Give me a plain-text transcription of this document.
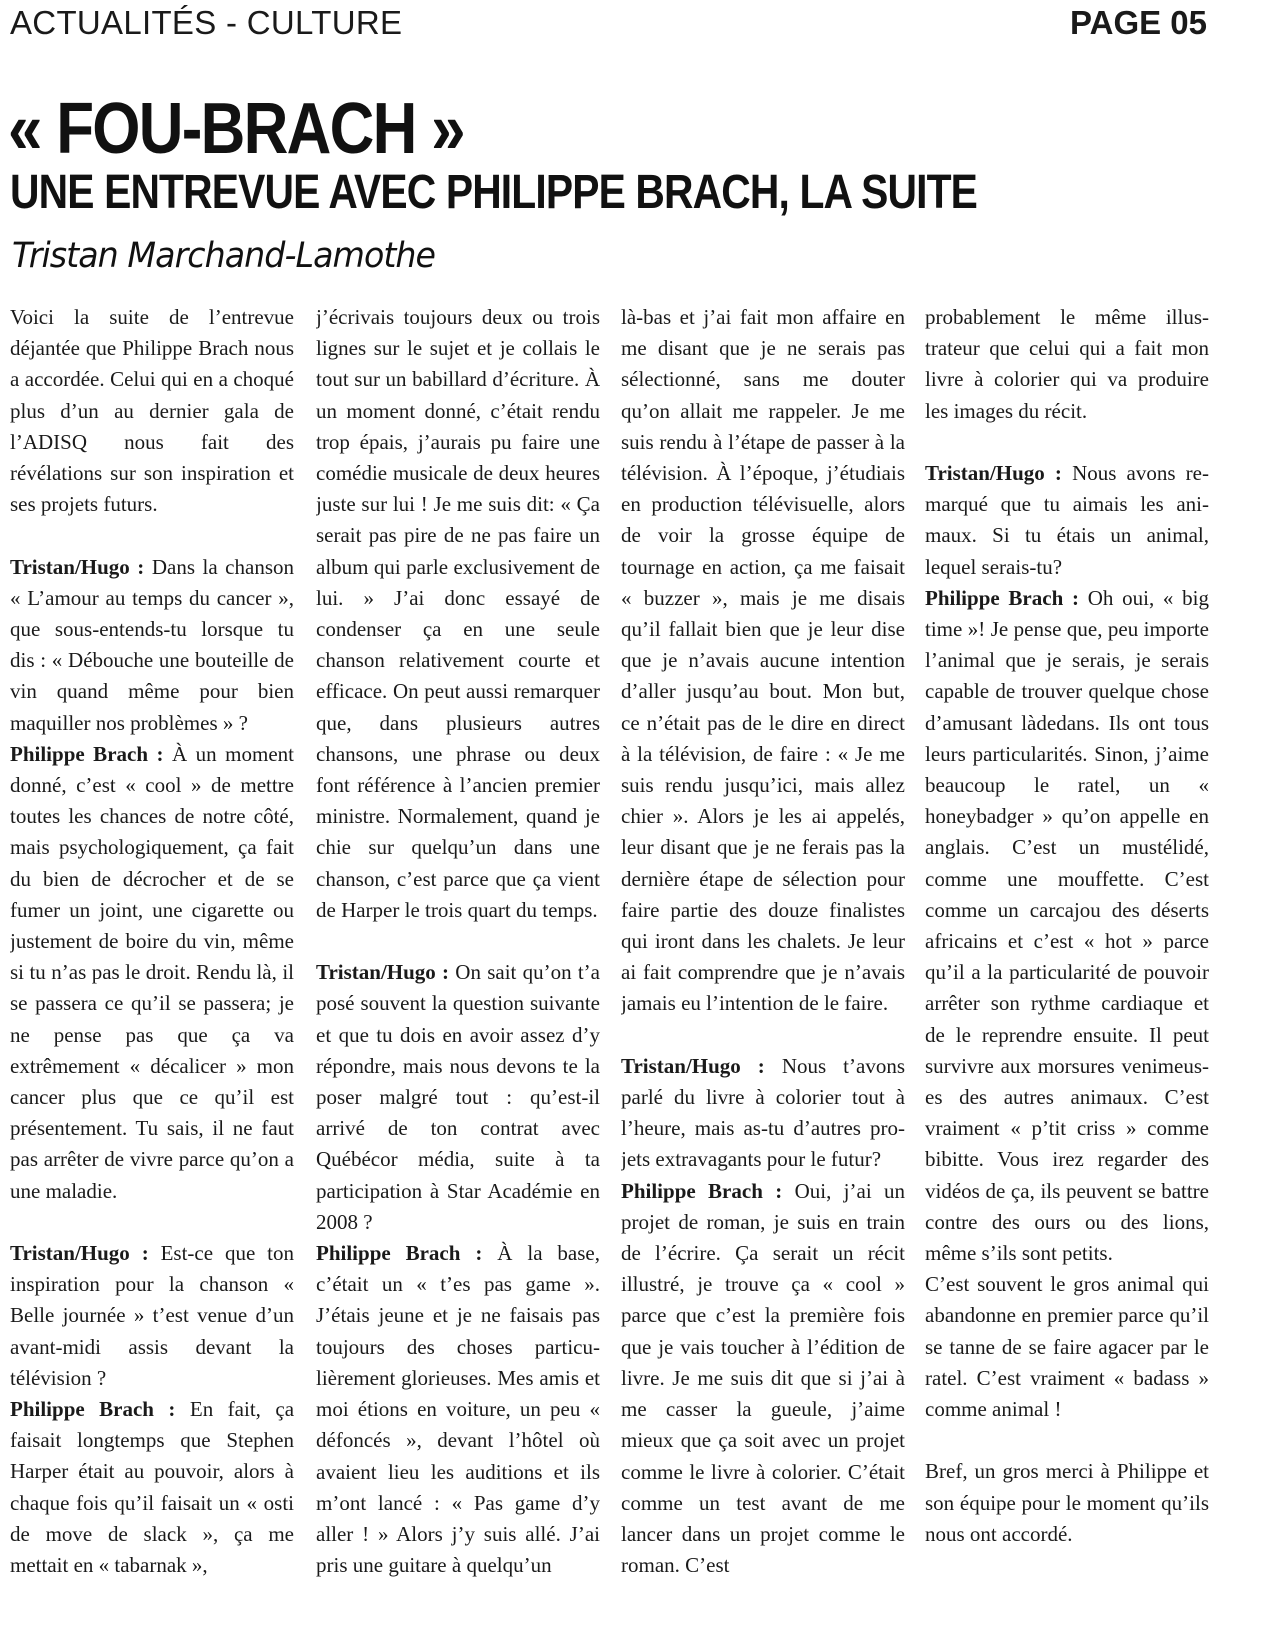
ACTUALITÉS - CULTURE	PAGE 05
« FOU-BRACH »
UNE ENTREVUE AVEC PHILIPPE BRACH, LA SUITE
Tristan Marchand-Lamothe

Voici la suite de l’entrevue déjantée que Philippe Brach nous a accordée. Celui qui en a choqué plus d’un au dernier gala de l’ADISQ nous fait des révélations sur son inspiration et ses projets futurs.

Tristan/Hugo : Dans la chanson « L’amour au temps du cancer », que sous-entends-tu lorsque tu dis : « Débouche une bouteille de vin quand même pour bien maquiller nos problèmes » ?

Philippe Brach : À un moment donné, c’est « cool » de mettre toutes les chances de notre côté, mais psychologiquement, ça fait du bien de décrocher et de se fumer un joint, une cigarette ou justement de boire du vin, même si tu n’as pas le droit. Rendu là, il se passera ce qu’il se passera; je ne pense pas que ça va extrêmement « décalicer » mon cancer plus que ce qu’il est présentement. Tu sais, il ne faut pas arrêter de vivre parce qu’on a une maladie.

Tristan/Hugo : Est-ce que ton inspiration pour la chanson « Belle journée » t’est venue d’un avant-midi assis devant la télévision ?

Philippe Brach : En fait, ça faisait longtemps que Stephen Harper était au pouvoir, alors à chaque fois qu’il faisait un « osti de move de slack », ça me mettait en « tabarnak »,

j’écrivais toujours deux ou trois lignes sur le sujet et je collais le tout sur un babillard d’écriture. À un moment donné, c’était rendu trop épais, j’aurais pu faire une comédie musicale de deux heures juste sur lui ! Je me suis dit: « Ça serait pas pire de ne pas faire un album qui parle exclusivement de lui. » J’ai donc essayé de condenser ça en une seule chanson relativement courte et efficace. On peut aussi remarquer que, dans plusieurs autres chansons, une phrase ou deux font référence à l’ancien premier ministre. Normalement, quand je chie sur quelqu’un dans une chanson, c’est parce que ça vient de Harper le trois quart du temps.

Tristan/Hugo : On sait qu’on t’a posé souvent la question suivante et que tu dois en avoir assez d’y répondre, mais nous devons te la poser malgré tout : qu’est-il arrivé de ton contrat avec Québécor média, suite à ta participation à Star Académie en 2008 ?

Philippe Brach : À la base, c’était un « t’es pas game ». J’étais jeune et je ne faisais pas toujours des choses particulièrement glorieuses. Mes amis et moi étions en voiture, un peu « défoncés », devant l’hôtel où avaient lieu les auditions et ils m’ont lancé : « Pas game d’y aller ! » Alors j’y suis allé. J’ai pris une guitare à quelqu’un

là-bas et j’ai fait mon affaire en me disant que je ne serais pas sélectionné, sans me douter qu’on allait me rappeler. Je me suis rendu à l’étape de passer à la télévision. À l’époque, j’étudiais en production télévisuelle, alors de voir la grosse équipe de tournage en action, ça me faisait « buzzer », mais je me disais qu’il fallait bien que je leur dise que je n’avais aucune intention d’aller jusqu’au bout. Mon but, ce n’était pas de le dire en direct à la télévision, de faire : « Je me suis rendu jusqu’ici, mais allez chier ». Alors je les ai appelés, leur disant que je ne ferais pas la dernière étape de sélection pour faire partie des douze finalistes qui iront dans les chalets. Je leur ai fait comprendre que je n’avais jamais eu l’intention de le faire.

Tristan/Hugo : Nous t’avons parlé du livre à colorier tout à l’heure, mais as-tu d’autres projets extravagants pour le futur?

Philippe Brach : Oui, j’ai un projet de roman, je suis en train de l’écrire. Ça serait un récit illustré, je trouve ça « cool » parce que c’est la première fois que je vais toucher à l’édition de livre. Je me suis dit que si j’ai à me casser la gueule, j’aime mieux que ça soit avec un projet comme le livre à colorier. C’était comme un test avant de me lancer dans un projet comme le roman. C’est

probablement le même illustrateur que celui qui a fait mon livre à colorier qui va produire les images du récit.

Tristan/Hugo : Nous avons remarqué que tu aimais les animaux. Si tu étais un animal, lequel serais-tu?

Philippe Brach : Oh oui, « big time »! Je pense que, peu importe l’animal que je serais, je serais capable de trouver quelque chose d’amusant làdedans. Ils ont tous leurs particularités. Sinon, j’aime beaucoup le ratel, un « honeybadger » qu’on appelle en anglais. C’est un mustélidé, comme une mouffette. C’est comme un carcajou des déserts africains et c’est « hot » parce qu’il a la particularité de pouvoir arrêter son rythme cardiaque et de le reprendre ensuite. Il peut survivre aux morsures venimeuses des autres animaux. C’est vraiment « p’tit criss » comme bibitte. Vous irez regarder des vidéos de ça, ils peuvent se battre contre des ours ou des lions, même s’ils sont petits.

C’est souvent le gros animal qui abandonne en premier parce qu’il se tanne de se faire agacer par le ratel. C’est vraiment « badass » comme animal !

Bref, un gros merci à Philippe et son équipe pour le moment qu’ils nous ont accordé.
